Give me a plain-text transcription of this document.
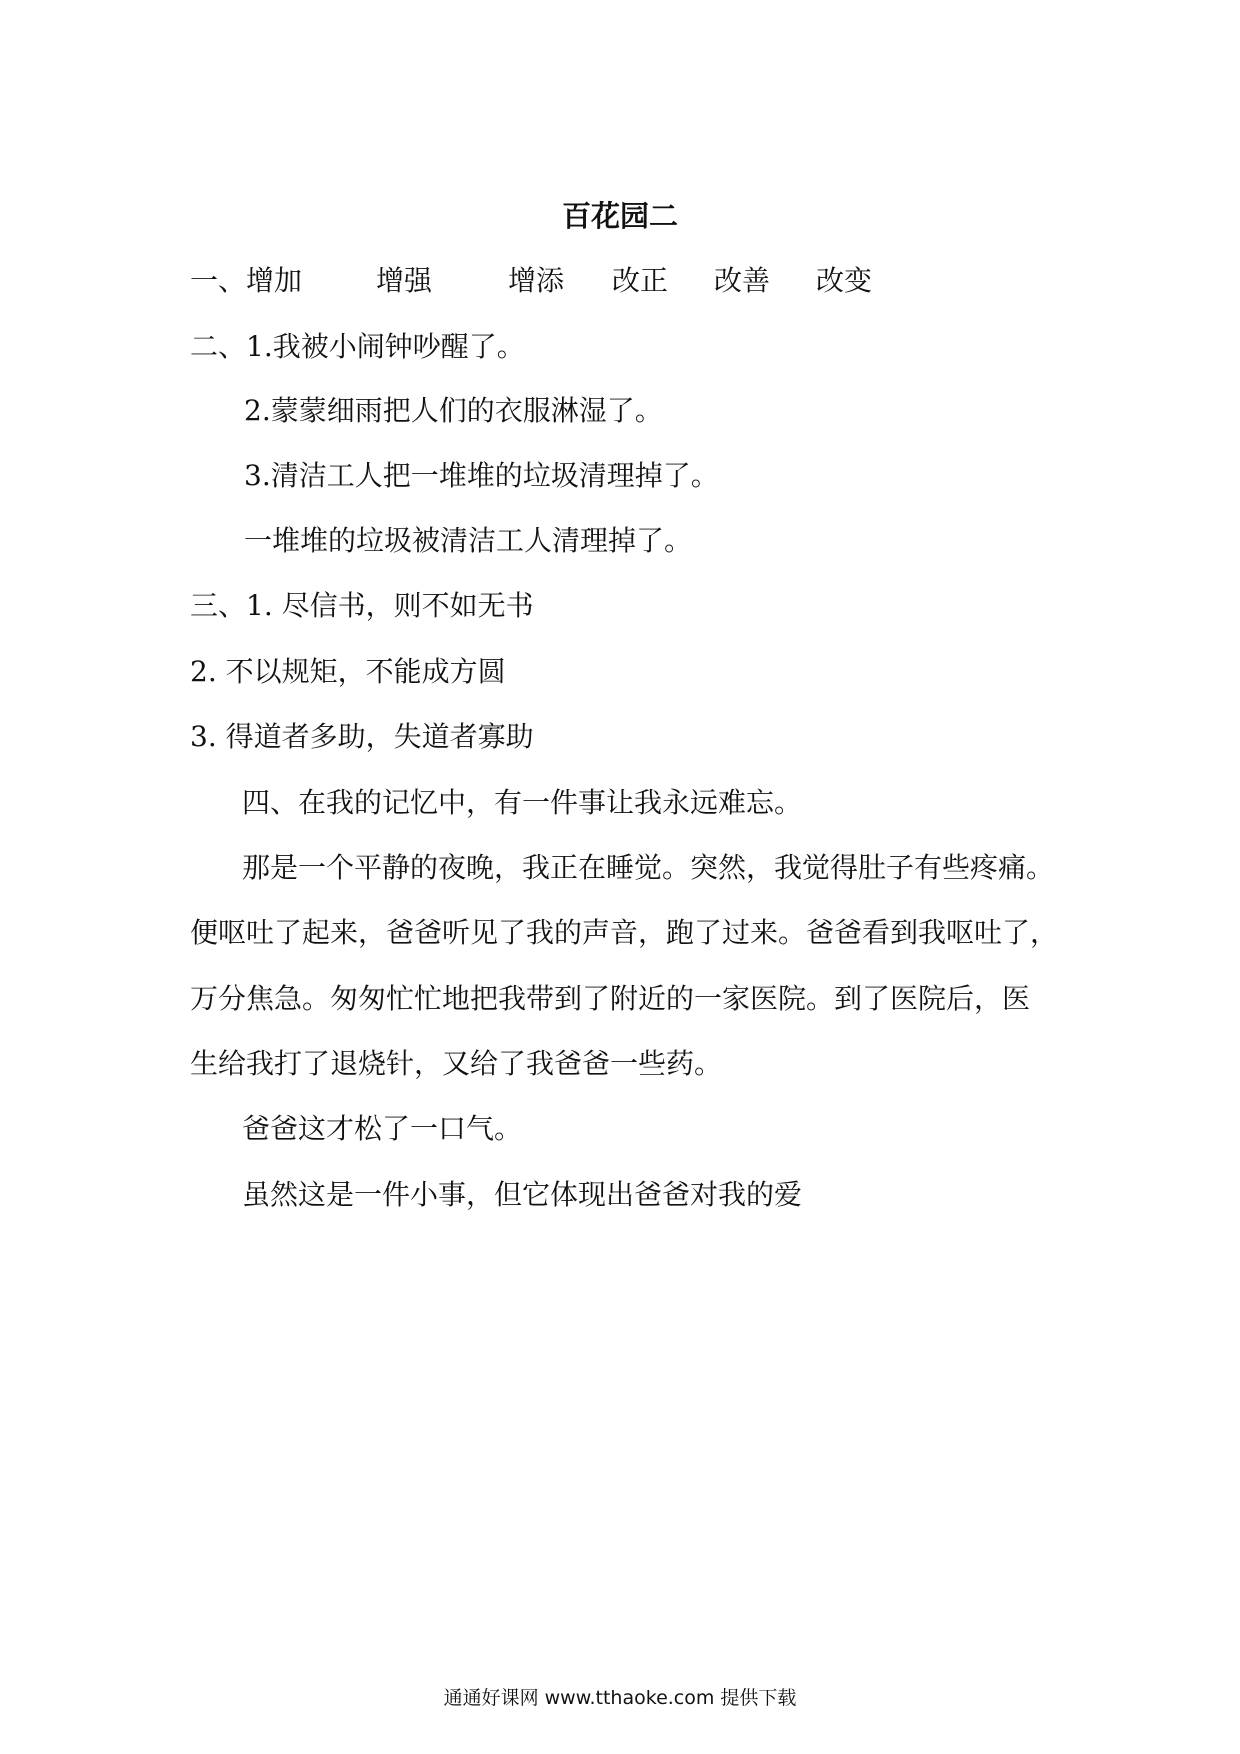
百花园二
一、 增加	增强	增添 改正 改善 改变
二、1.我被小闹钟吵醒了。
2.蒙蒙细雨把人们的衣服淋湿了。
3.清洁工人把一堆堆的垃圾清理掉了。
一堆堆的垃圾被清洁工人清理掉了。
三、1. 尽信书，则不如无书
2. 不以规矩，不能成方圆
3. 得道者多助，失道者寡助
四、在我的记忆中，有一件事让我永远难忘。
那是一个平静的夜晚，我正在睡觉。突然，我觉得肚子有些疼痛。
便呕吐了起来，爸爸听见了我的声音，跑了过来。爸爸看到我呕吐了，
万分焦急。匆匆忙忙地把我带到了附近的一家医院。到了医院后，医
生给我打了退烧针，又给了我爸爸一些药。
爸爸这才松了一口气。
虽然这是一件小事，但它体现出爸爸对我的爱
通通好课网 www.tthaoke.com 提供下载
